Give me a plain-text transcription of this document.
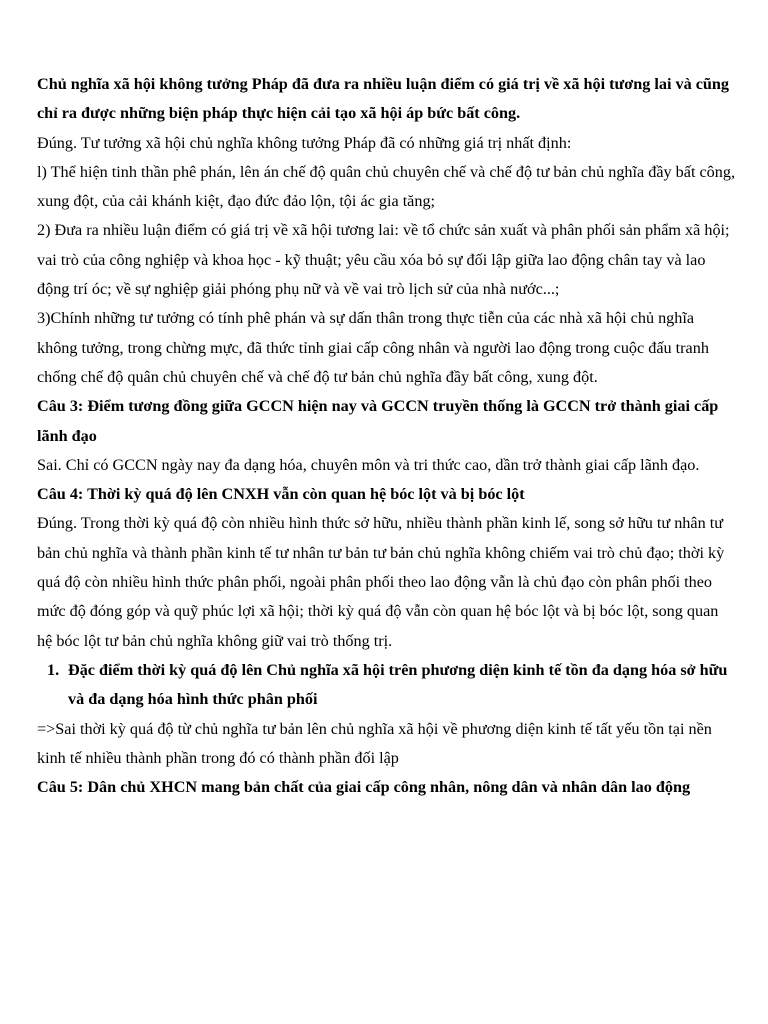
Chủ nghĩa xã hội không tưởng Pháp đã đưa ra nhiều luận điểm có giá trị về xã hội tương lai và cũng chỉ ra được những biện pháp thực hiện cải tạo xã hội áp bức bất công.

Đúng. Tư tưởng xã hội chủ nghĩa không tưởng Pháp đã có những giá trị nhất định:

l) Thể hiện tinh thần phê phán, lên án chế độ quân chủ chuyên chế và chế độ tư bản chủ nghĩa đầy bất công, xung đột, của cải khánh kiệt, đạo đức đảo lộn, tội ác gia tăng;

2) Đưa ra nhiều luận điểm có giá trị về xã hội tương lai: về tổ chức sản xuất và phân phối sản phẩm xã hội; vai trò của công nghiệp và khoa học - kỹ thuật; yêu cầu xóa bỏ sự đối lập giữa lao động chân tay và lao động trí óc; về sự nghiệp giải phóng phụ nữ và về vai trò lịch sử của nhà nước...;

3)Chính những tư tưởng có tính phê phán và sự dấn thân trong thực tiễn của các nhà xã hội chủ nghĩa không tưởng, trong chừng mực, đã thức tỉnh giai cấp công nhân và người lao động trong cuộc đấu tranh chống chế độ quân chủ chuyên chế và chế độ tư bản chủ nghĩa đầy bất công, xung đột.

Câu 3: Điểm tương đồng giữa GCCN hiện nay và GCCN truyền thống là GCCN trở thành giai cấp lãnh đạo

Sai. Chỉ có GCCN ngày nay đa dạng hóa, chuyên môn và tri thức cao, dần trở thành giai cấp lãnh đạo.

Câu 4: Thời kỳ quá độ lên CNXH vẫn còn quan hệ bóc lột và bị bóc lột

Đúng. Trong thời kỳ quá độ còn nhiều hình thức sở hữu, nhiều thành phần kinh lế, song sở hữu tư nhân tư bản chủ nghĩa và thành phần kinh tế tư nhân tư bản tư bản chủ nghĩa không chiếm vai trò chủ đạo; thời kỳ quá độ còn nhiều hình thức phân phối, ngoài phân phối theo lao động vẫn là chủ đạo còn phân phối theo mức độ đóng góp và quỹ phúc lợi xã hội; thời kỳ quá độ vẫn còn quan hệ bóc lột và bị bóc lột, song quan hệ bóc lột tư bản chủ nghĩa không giữ vai trò thống trị.

1. Đặc điểm thời kỳ quá độ lên Chủ nghĩa xã hội trên phương diện kinh tế tồn đa dạng hóa sở hữu và đa dạng hóa hình thức phân phối

=>Sai thời kỳ quá độ từ chủ nghĩa tư bản lên chủ nghĩa xã hội về phương diện kinh tế tất yếu tồn tại nền kinh tế nhiều thành phần trong đó có thành phần đối lập

Câu 5: Dân chủ XHCN mang bản chất của giai cấp công nhân, nông dân và nhân dân lao động
